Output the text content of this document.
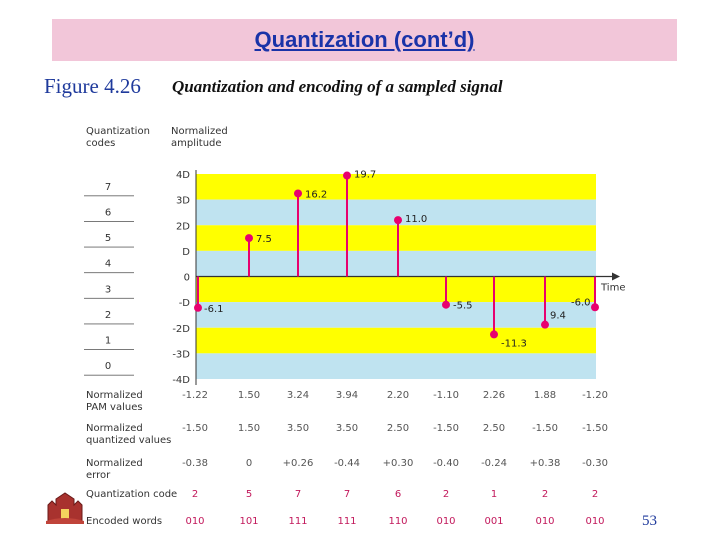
Quantization (cont’d)
Figure 4.26 Quantization and encoding of a sampled signal
Quantization
codes
Normalized
amplitude
7
6
5
4
3
2
1
0
4D
3D
2D
D
0
-D
-2D
-3D
-4D
Time
-6.1
7.5
16.2
19.7
11.0
-5.5
-11.3
9.4
-6.0
Normalized
PAM values
-1.22	1.50	3.24	3.94	2.20 -1.10 2.26	1.88	-1.20
Normalized
quantized values
-1.50	1.50	3.50	3.50	2.50 -1.50 2.50	-1.50 -1.50
Normalized
error
-0.38	0	+0.26 -0.44 +0.30 -0.40 -0.24 +0.38 -0.30
Quantization code 2	5	7	7	6	2	1	2	2
Encoded words 010	101	111	111	110	010	001	010	010 53
